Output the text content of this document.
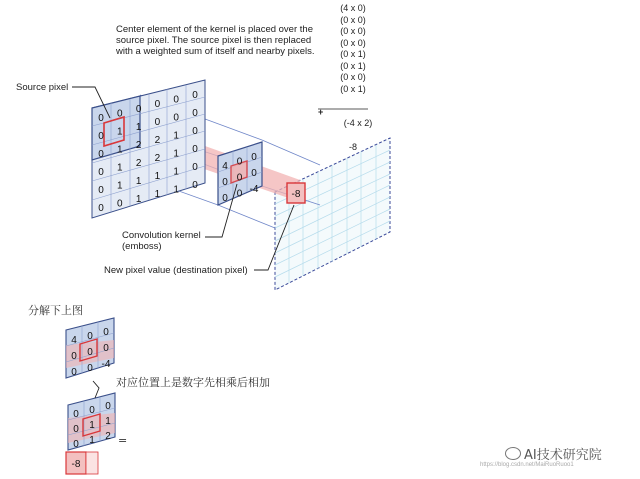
0 0 0 0 0 0
0 1 1 0 0 0
0 1 2 2 1 0
0 1 2 2 1 0
0 1 1 1 1 0
0 0 1 1 1 0
4 0 0
0 0 0
0 0 -4	-8
4 0 0
0 0 0
0 0 -4
0 0 0
0 1 1
0 1 2
-8
Center element of the kernel is placed over the
source pixel. The source pixel is then replaced
with a weighted sum of itself and nearby pixels.
(4 x 0)
(0 x 0)
(0 x 0)
(0 x 0)
(0 x 1)
(0 x 1)
(0 x 0)
(0 x 1)

+

(-4 x 2)

-8
Source pixel
Convolution kernel
(emboss)
New pixel value (destination pixel)
分解下上图
对应位置上是数字先相乘后相加
=
AI技术研究院
https://blog.csdn.net/MaiRuoRuoo1
